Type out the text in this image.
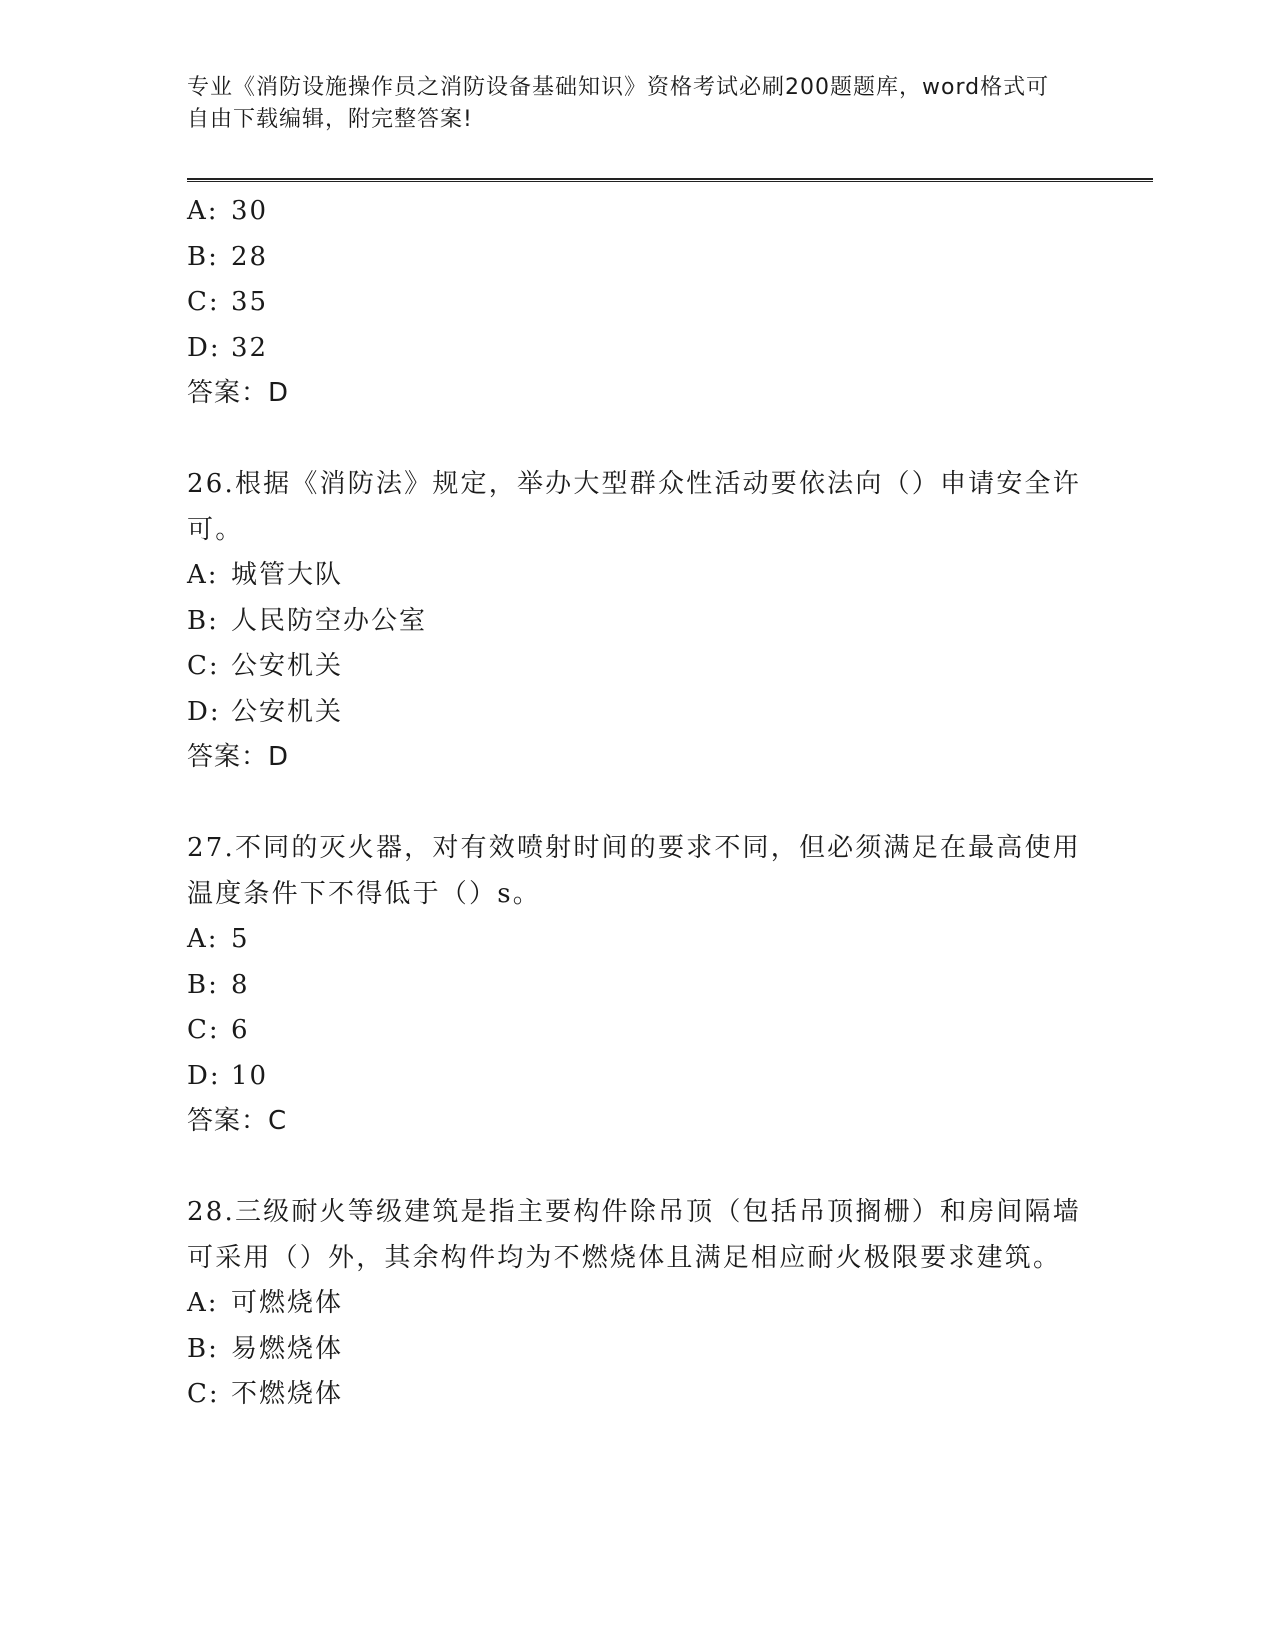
专业《消防设施操作员之消防设备基础知识》资格考试必刷200题题库，word格式可自由下载编辑，附完整答案!
A: 30
B: 28
C: 35
D: 32
答案：D
26.根据《消防法》规定，举办大型群众性活动要依法向（）申请安全许可。
A: 城管大队
B: 人民防空办公室
C: 公安机关
D: 公安机关
答案：D
27.不同的灭火器，对有效喷射时间的要求不同，但必须满足在最高使用温度条件下不得低于（）s。
A: 5
B: 8
C: 6
D: 10
答案：C
28.三级耐火等级建筑是指主要构件除吊顶（包括吊顶搁栅）和房间隔墙可采用（）外，其余构件均为不燃烧体且满足相应耐火极限要求建筑。
A: 可燃烧体
B: 易燃烧体
C: 不燃烧体
